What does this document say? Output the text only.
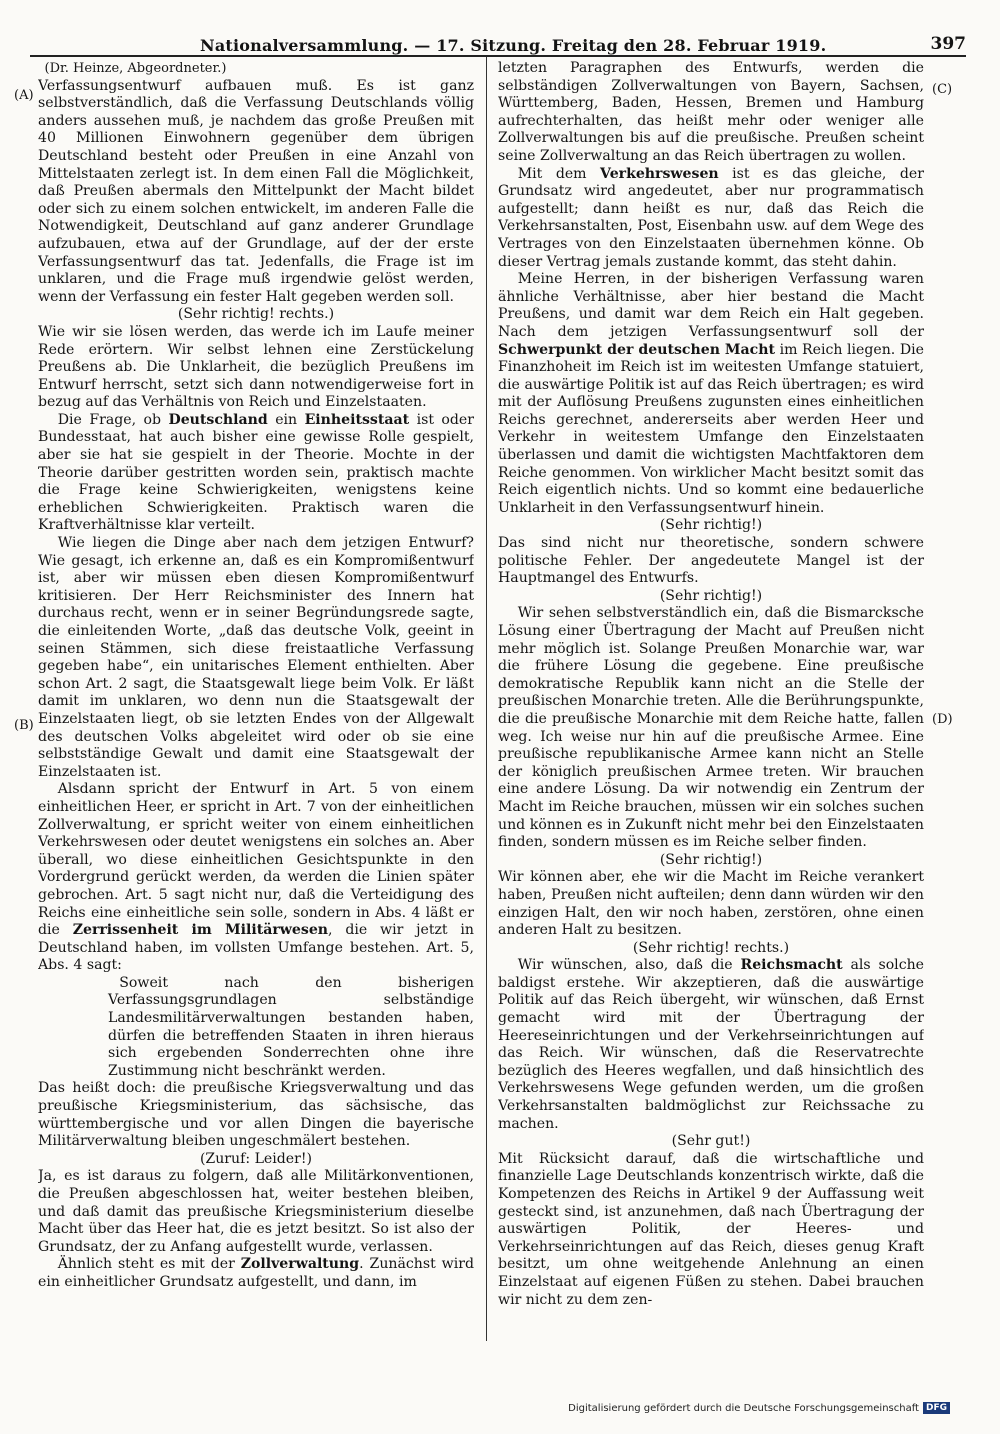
Nationalversammlung. — 17. Sitzung. Freitag den 28. Februar 1919.	397
(A)
(B)
(C)
(D)

(Dr. Heinze, Abgeordneter.)

Verfassungsentwurf aufbauen muß. Es ist ganz selbstverständlich, daß die Verfassung Deutschlands völlig anders aussehen muß, je nachdem das große Preußen mit 40 Millionen Einwohnern gegenüber dem übrigen Deutschland besteht oder Preußen in eine Anzahl von Mittelstaaten zerlegt ist. In dem einen Fall die Möglichkeit, daß Preußen abermals den Mittelpunkt der Macht bildet oder sich zu einem solchen entwickelt, im anderen Falle die Notwendigkeit, Deutschland auf ganz anderer Grundlage aufzubauen, etwa auf der Grundlage, auf der der erste Verfassungsentwurf das tat. Jedenfalls, die Frage ist im unklaren, und die Frage muß irgendwie gelöst werden, wenn der Verfassung ein fester Halt gegeben werden soll.

(Sehr richtig! rechts.)

Wie wir sie lösen werden, das werde ich im Laufe meiner Rede erörtern. Wir selbst lehnen eine Zerstückelung Preußens ab. Die Unklarheit, die bezüglich Preußens im Entwurf herrscht, setzt sich dann notwendigerweise fort in bezug auf das Verhältnis von Reich und Einzelstaaten.

Die Frage, ob Deutschland ein Einheitsstaat ist oder Bundesstaat, hat auch bisher eine gewisse Rolle gespielt, aber sie hat sie gespielt in der Theorie. Mochte in der Theorie darüber gestritten worden sein, praktisch machte die Frage keine Schwierigkeiten, wenigstens keine erheblichen Schwierigkeiten. Praktisch waren die Kraftverhältnisse klar verteilt.

Wie liegen die Dinge aber nach dem jetzigen Entwurf? Wie gesagt, ich erkenne an, daß es ein Kompromißentwurf ist, aber wir müssen eben diesen Kompromißentwurf kritisieren. Der Herr Reichsminister des Innern hat durchaus recht, wenn er in seiner Begründungsrede sagte, die einleitenden Worte, „daß das deutsche Volk, geeint in seinen Stämmen, sich diese freistaatliche Verfassung gegeben habe“, ein unitarisches Element enthielten. Aber schon Art. 2 sagt, die Staatsgewalt liege beim Volk. Er läßt damit im unklaren, wo denn nun die Staatsgewalt der Einzelstaaten liegt, ob sie letzten Endes von der Allgewalt des deutschen Volks abgeleitet wird oder ob sie eine selbstständige Gewalt und damit eine Staatsgewalt der Einzelstaaten ist.

Alsdann spricht der Entwurf in Art. 5 von einem einheitlichen Heer, er spricht in Art. 7 von der einheitlichen Zollverwaltung, er spricht weiter von einem einheitlichen Verkehrswesen oder deutet wenigstens ein solches an. Aber überall, wo diese einheitlichen Gesichtspunkte in den Vordergrund gerückt werden, da werden die Linien später gebrochen. Art. 5 sagt nicht nur, daß die Verteidigung des Reichs eine einheitliche sein solle, sondern in Abs. 4 läßt er die Zerrissenheit im Militärwesen, die wir jetzt in Deutschland haben, im vollsten Umfange bestehen. Art. 5, Abs. 4 sagt:

Soweit nach den bisherigen Verfassungsgrundlagen selbständige Landesmilitärverwaltungen bestanden haben, dürfen die betreffenden Staaten in ihren hieraus sich ergebenden Sonderrechten ohne ihre Zustimmung nicht beschränkt werden.

Das heißt doch: die preußische Kriegsverwaltung und das preußische Kriegsministerium, das sächsische, das württembergische und vor allen Dingen die bayerische Militärverwaltung bleiben ungeschmälert bestehen.

(Zuruf: Leider!)

Ja, es ist daraus zu folgern, daß alle Militärkonventionen, die Preußen abgeschlossen hat, weiter bestehen bleiben, und daß damit das preußische Kriegsministerium dieselbe Macht über das Heer hat, die es jetzt besitzt. So ist also der Grundsatz, der zu Anfang aufgestellt wurde, verlassen.

Ähnlich steht es mit der Zollverwaltung. Zunächst wird ein einheitlicher Grundsatz aufgestellt, und dann, im

letzten Paragraphen des Entwurfs, werden die selbständigen Zollverwaltungen von Bayern, Sachsen, Württemberg, Baden, Hessen, Bremen und Hamburg aufrechterhalten, das heißt mehr oder weniger alle Zollverwaltungen bis auf die preußische. Preußen scheint seine Zollverwaltung an das Reich übertragen zu wollen.

Mit dem Verkehrswesen ist es das gleiche, der Grundsatz wird angedeutet, aber nur programmatisch aufgestellt; dann heißt es nur, daß das Reich die Verkehrsanstalten, Post, Eisenbahn usw. auf dem Wege des Vertrages von den Einzelstaaten übernehmen könne. Ob dieser Vertrag jemals zustande kommt, das steht dahin.

Meine Herren, in der bisherigen Verfassung waren ähnliche Verhältnisse, aber hier bestand die Macht Preußens, und damit war dem Reich ein Halt gegeben. Nach dem jetzigen Verfassungsentwurf soll der Schwerpunkt der deutschen Macht im Reich liegen. Die Finanzhoheit im Reich ist im weitesten Umfange statuiert, die auswärtige Politik ist auf das Reich übertragen; es wird mit der Auflösung Preußens zugunsten eines einheitlichen Reichs gerechnet, andererseits aber werden Heer und Verkehr in weitestem Umfange den Einzelstaaten überlassen und damit die wichtigsten Machtfaktoren dem Reiche genommen. Von wirklicher Macht besitzt somit das Reich eigentlich nichts. Und so kommt eine bedauerliche Unklarheit in den Verfassungsentwurf hinein.

(Sehr richtig!)

Das sind nicht nur theoretische, sondern schwere politische Fehler. Der angedeutete Mangel ist der Hauptmangel des Entwurfs.

(Sehr richtig!)

Wir sehen selbstverständlich ein, daß die Bismarcksche Lösung einer Übertragung der Macht auf Preußen nicht mehr möglich ist. Solange Preußen Monarchie war, war die frühere Lösung die gegebene. Eine preußische demokratische Republik kann nicht an die Stelle der preußischen Monarchie treten. Alle die Berührungspunkte, die die preußische Monarchie mit dem Reiche hatte, fallen weg. Ich weise nur hin auf die preußische Armee. Eine preußische republikanische Armee kann nicht an Stelle der königlich preußischen Armee treten. Wir brauchen eine andere Lösung. Da wir notwendig ein Zentrum der Macht im Reiche brauchen, müssen wir ein solches suchen und können es in Zukunft nicht mehr bei den Einzelstaaten finden, sondern müssen es im Reiche selber finden.

(Sehr richtig!)

Wir können aber, ehe wir die Macht im Reiche verankert haben, Preußen nicht aufteilen; denn dann würden wir den einzigen Halt, den wir noch haben, zerstören, ohne einen anderen Halt zu besitzen.

(Sehr richtig! rechts.)

Wir wünschen, also, daß die Reichsmacht als solche baldigst erstehe. Wir akzeptieren, daß die auswärtige Politik auf das Reich übergeht, wir wünschen, daß Ernst gemacht wird mit der Übertragung der Heereseinrichtungen und der Verkehrseinrichtungen auf das Reich. Wir wünschen, daß die Reservatrechte bezüglich des Heeres wegfallen, und daß hinsichtlich des Verkehrswesens Wege gefunden werden, um die großen Verkehrsanstalten baldmöglichst zur Reichssache zu machen.

(Sehr gut!)

Mit Rücksicht darauf, daß die wirtschaftliche und finanzielle Lage Deutschlands konzentrisch wirkte, daß die Kompetenzen des Reichs in Artikel 9 der Auffassung weit gesteckt sind, ist anzunehmen, daß nach Übertragung der auswärtigen Politik, der Heeres- und Verkehrseinrichtungen auf das Reich, dieses genug Kraft besitzt, um ohne weitgehende Anlehnung an einen Einzelstaat auf eigenen Füßen zu stehen. Dabei brauchen wir nicht zu dem zen-

Digitalisierung gefördert durch die Deutsche Forschungsgemeinschaft DFG
